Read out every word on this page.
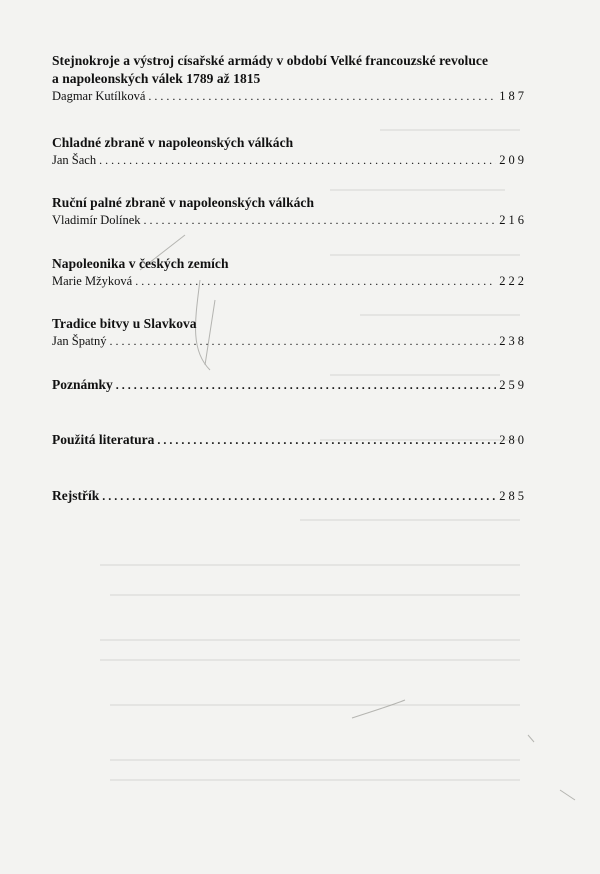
Stejnokroje a výstroj císařské armády v období Velké francouzské revoluce
a napoleonských válek 1789 až 1815
Dagmar Kutílková . . .	187
Chladné zbraně v napoleonských válkách
Jan Šach . . .	209
Ruční palné zbraně v napoleonských válkách
Vladimír Dolínek . . .	216
Napoleonika v českých zemích
Marie Mžyková . . .	222
Tradice bitvy u Slavkova
Jan Špatný . . .	238
Poznámky . . .	259
Použitá literatura . . .	280
Rejstřík . . .	285
